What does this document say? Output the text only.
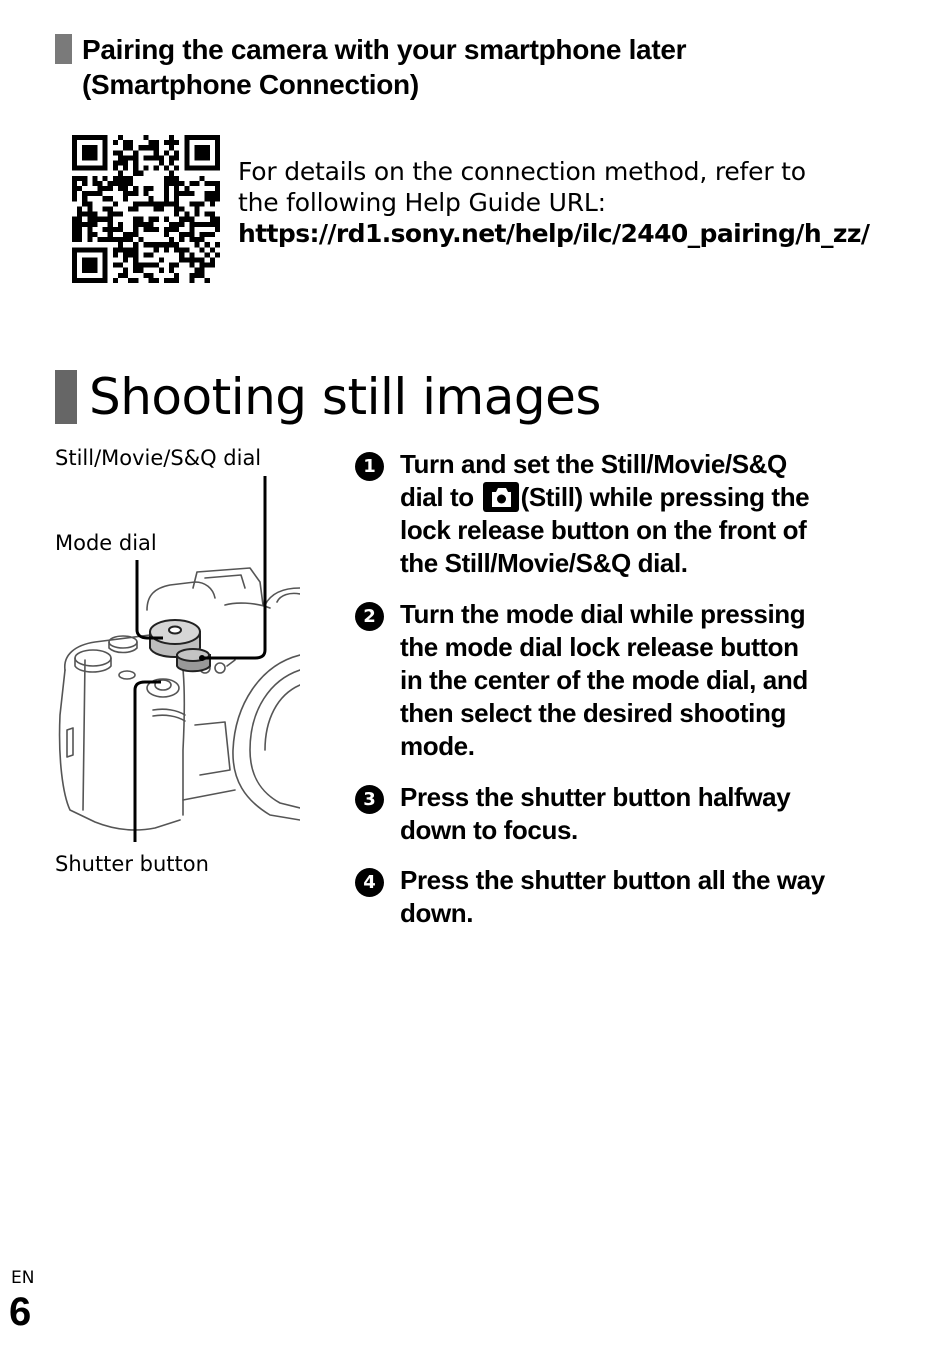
Pairing the camera with your smartphone later
(Smartphone Connection)
For details on the connection method, refer to
the following Help Guide URL:
https://rd1.sony.net/help/ilc/2440_pairing/h_zz/
Shooting still images
Still/Movie/S&Q dial
Mode dial
Shutter button
1 Turn and set the Still/Movie/S&Q
dial to (Still) while pressing the
lock release button on the front of
the Still/Movie/S&Q dial.
2 Turn the mode dial while pressing
the mode dial lock release button
in the center of the mode dial, and
then select the desired shooting
mode.
3 Press the shutter button halfway
down to focus.
4 Press the shutter button all the way
down.
EN
6
